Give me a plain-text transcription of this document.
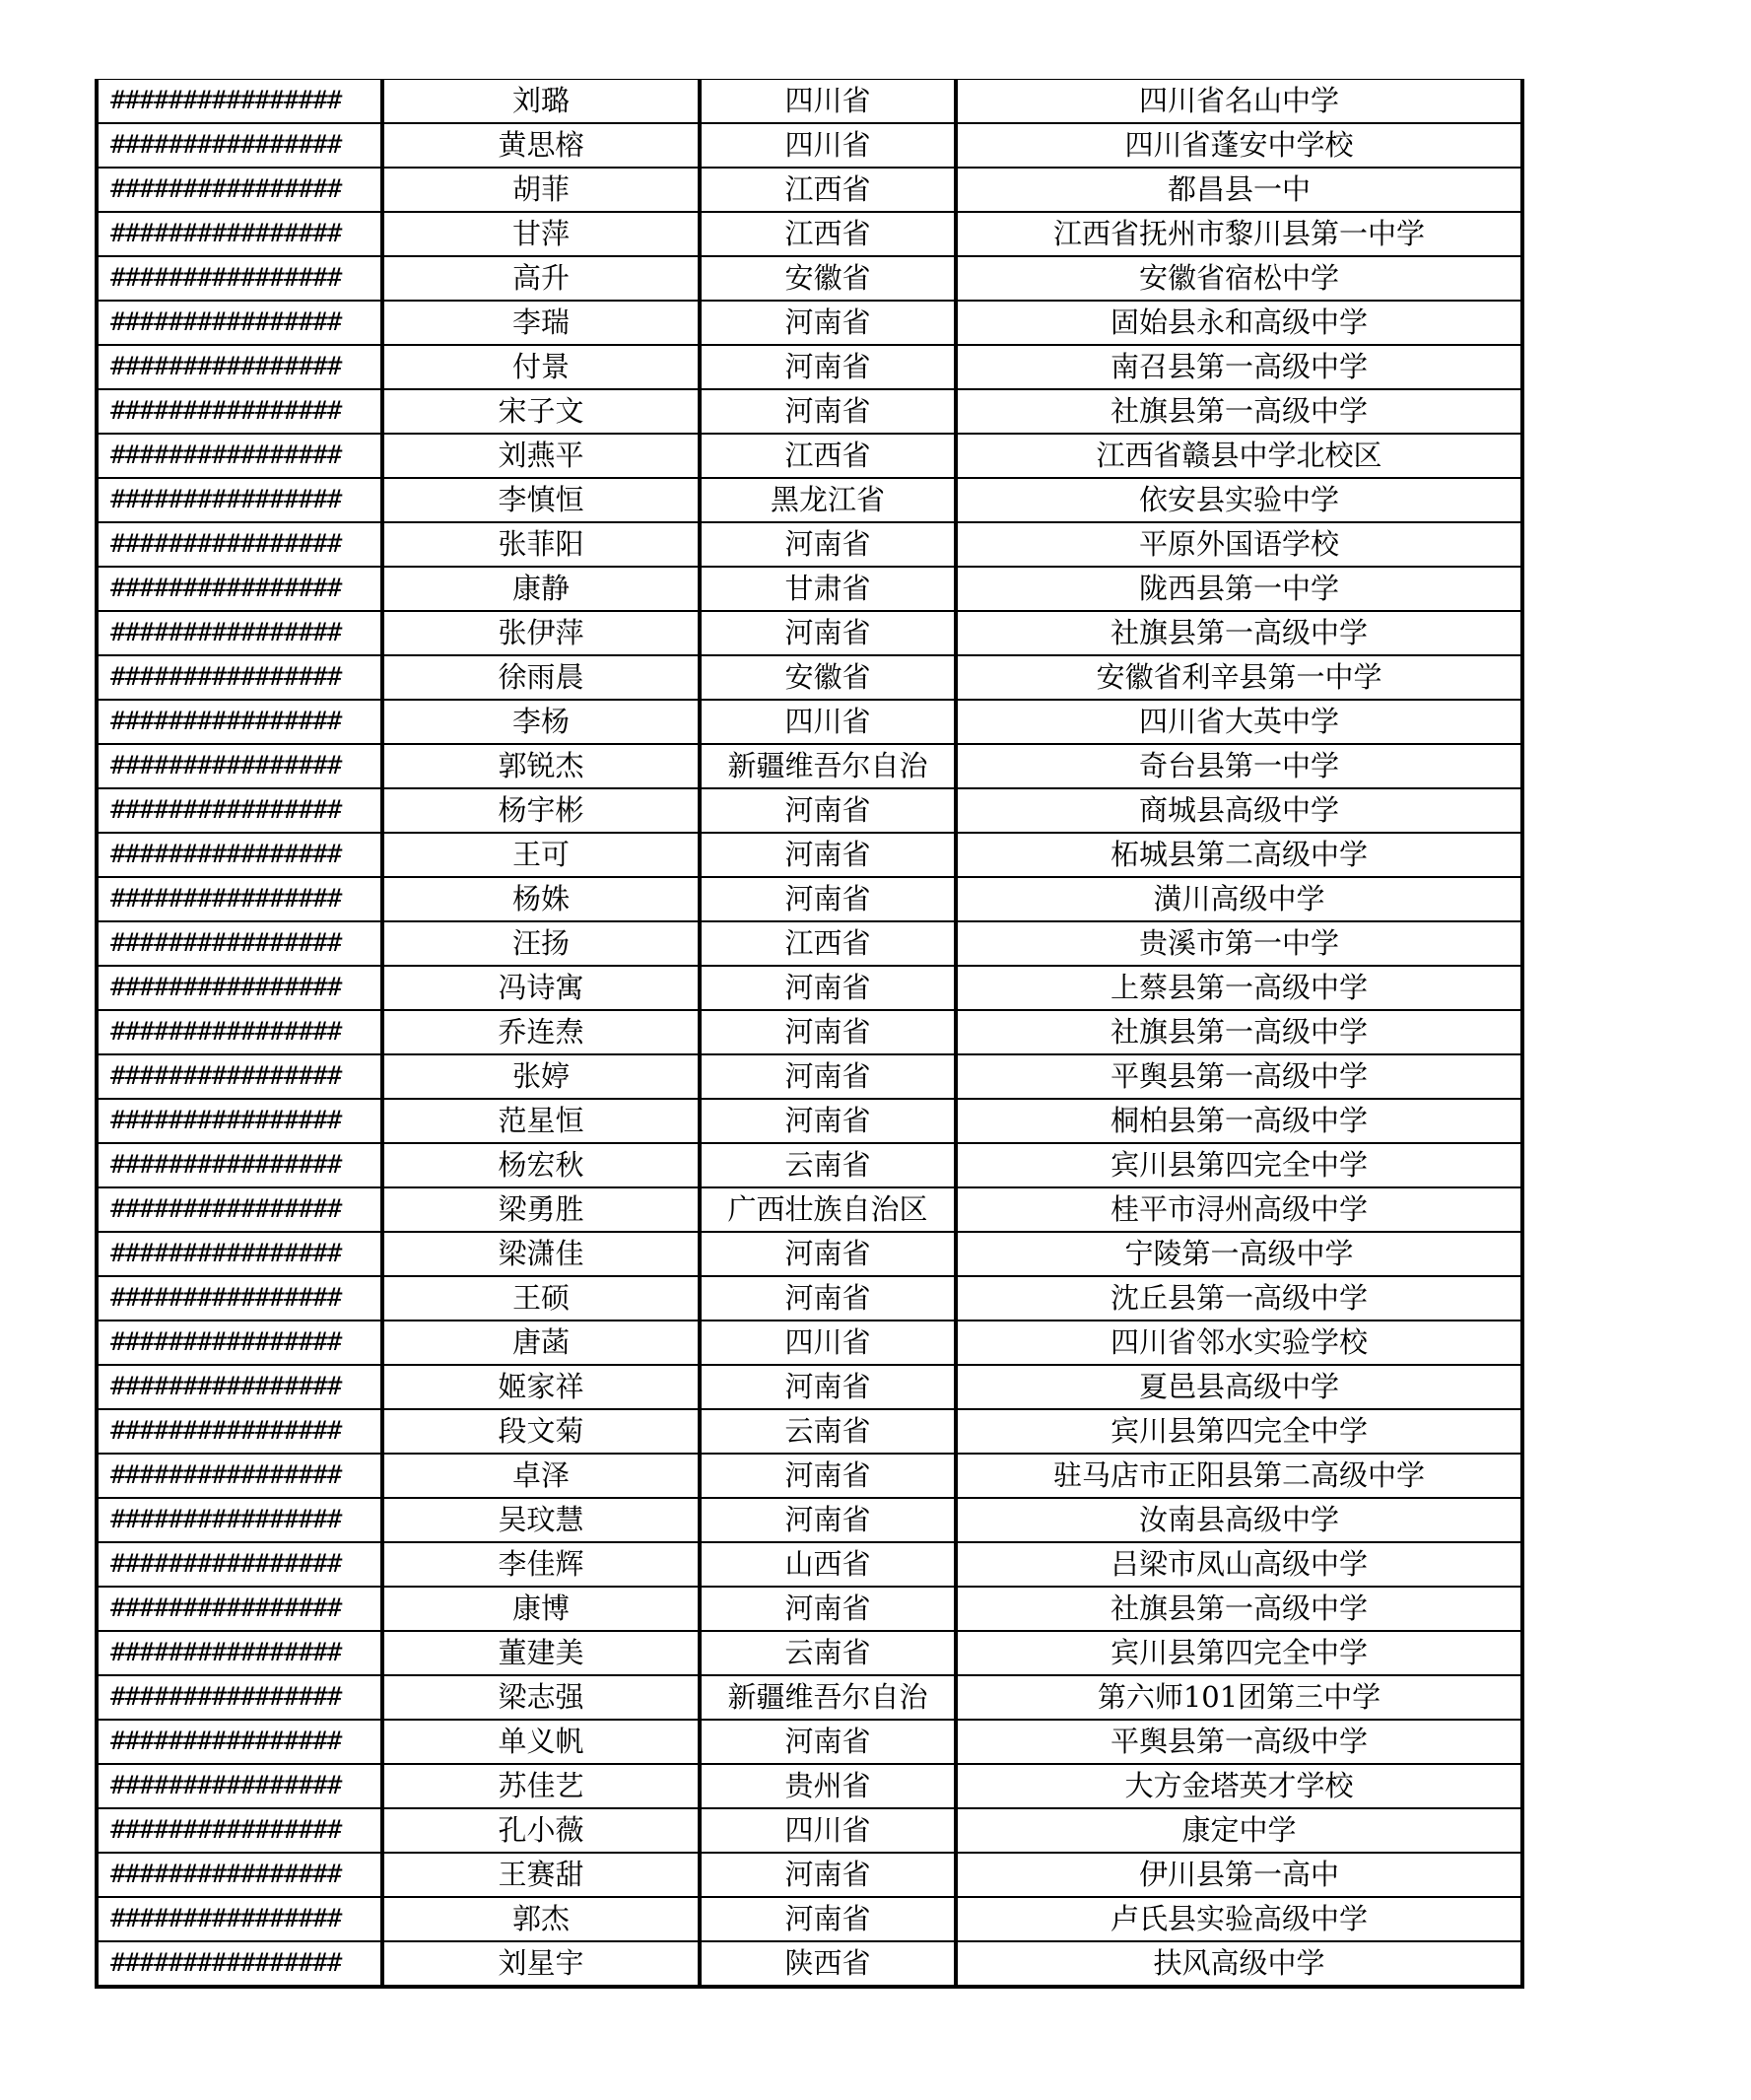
################	刘璐	四川省	四川省名山中学
################	黄思榕	四川省	四川省蓬安中学校
################	胡菲	江西省	都昌县一中
################	甘萍	江西省	江西省抚州市黎川县第一中学
################	高升	安徽省	安徽省宿松中学
################	李瑞	河南省	固始县永和高级中学
################	付景	河南省	南召县第一高级中学
################	宋子文	河南省	社旗县第一高级中学
################	刘燕平	江西省	江西省赣县中学北校区
################	李慎恒	黑龙江省	依安县实验中学
################	张菲阳	河南省	平原外国语学校
################	康静	甘肃省	陇西县第一中学
################	张伊萍	河南省	社旗县第一高级中学
################	徐雨晨	安徽省	安徽省利辛县第一中学
################	李杨	四川省	四川省大英中学
################	郭锐杰	新疆维吾尔自治	奇台县第一中学
################	杨宇彬	河南省	商城县高级中学
################	王可	河南省	柘城县第二高级中学
################	杨姝	河南省	潢川高级中学
################	汪扬	江西省	贵溪市第一中学
################	冯诗寓	河南省	上蔡县第一高级中学
################	乔连焘	河南省	社旗县第一高级中学
################	张婷	河南省	平舆县第一高级中学
################	范星恒	河南省	桐柏县第一高级中学
################	杨宏秋	云南省	宾川县第四完全中学
################	梁勇胜	广西壮族自治区	桂平市浔州高级中学
################	梁潇佳	河南省	宁陵第一高级中学
################	王硕	河南省	沈丘县第一高级中学
################	唐菡	四川省	四川省邻水实验学校
################	姬家祥	河南省	夏邑县高级中学
################	段文菊	云南省	宾川县第四完全中学
################	卓泽	河南省	驻马店市正阳县第二高级中学
################	吴玟慧	河南省	汝南县高级中学
################	李佳辉	山西省	吕梁市凤山高级中学
################	康博	河南省	社旗县第一高级中学
################	董建美	云南省	宾川县第四完全中学
################	梁志强	新疆维吾尔自治	第六师101团第三中学
################	单义帆	河南省	平舆县第一高级中学
################	苏佳艺	贵州省	大方金塔英才学校
################	孔小薇	四川省	康定中学
################	王赛甜	河南省	伊川县第一高中
################	郭杰	河南省	卢氏县实验高级中学
################	刘星宇	陕西省	扶风高级中学
